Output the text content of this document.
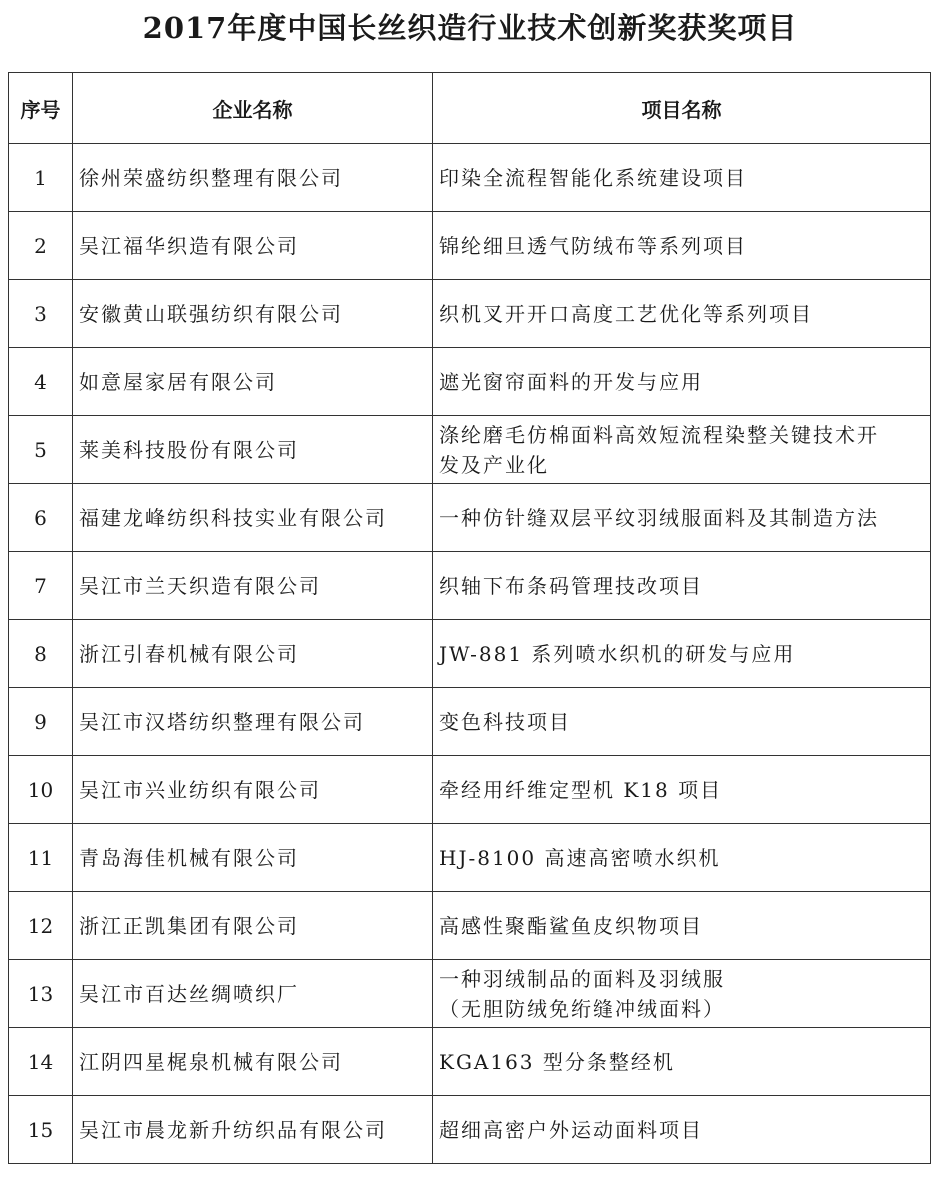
2017年度中国长丝织造行业技术创新奖获奖项目
序号	企业名称	项目名称
1	徐州荣盛纺织整理有限公司	印染全流程智能化系统建设项目
2	吴江福华织造有限公司	锦纶细旦透气防绒布等系列项目
3	安徽黄山联强纺织有限公司	织机叉开开口高度工艺优化等系列项目
4	如意屋家居有限公司	遮光窗帘面料的开发与应用
5	莱美科技股份有限公司	涤纶磨毛仿棉面料高效短流程染整关键技术开
发及产业化
6	福建龙峰纺织科技实业有限公司	一种仿针缝双层平纹羽绒服面料及其制造方法
7	吴江市兰天织造有限公司	织轴下布条码管理技改项目
8	浙江引春机械有限公司	JW-881 系列喷水织机的研发与应用
9	吴江市汉塔纺织整理有限公司	变色科技项目
10	吴江市兴业纺织有限公司	牵经用纤维定型机 K18 项目
11	青岛海佳机械有限公司	HJ-8100 高速高密喷水织机
12	浙江正凯集团有限公司	高感性聚酯鲨鱼皮织物项目
13	吴江市百达丝绸喷织厂	一种羽绒制品的面料及羽绒服
（无胆防绒免绗缝冲绒面料）
14	江阴四星梶泉机械有限公司	KGA163 型分条整经机
15	吴江市晨龙新升纺织品有限公司	超细高密户外运动面料项目
